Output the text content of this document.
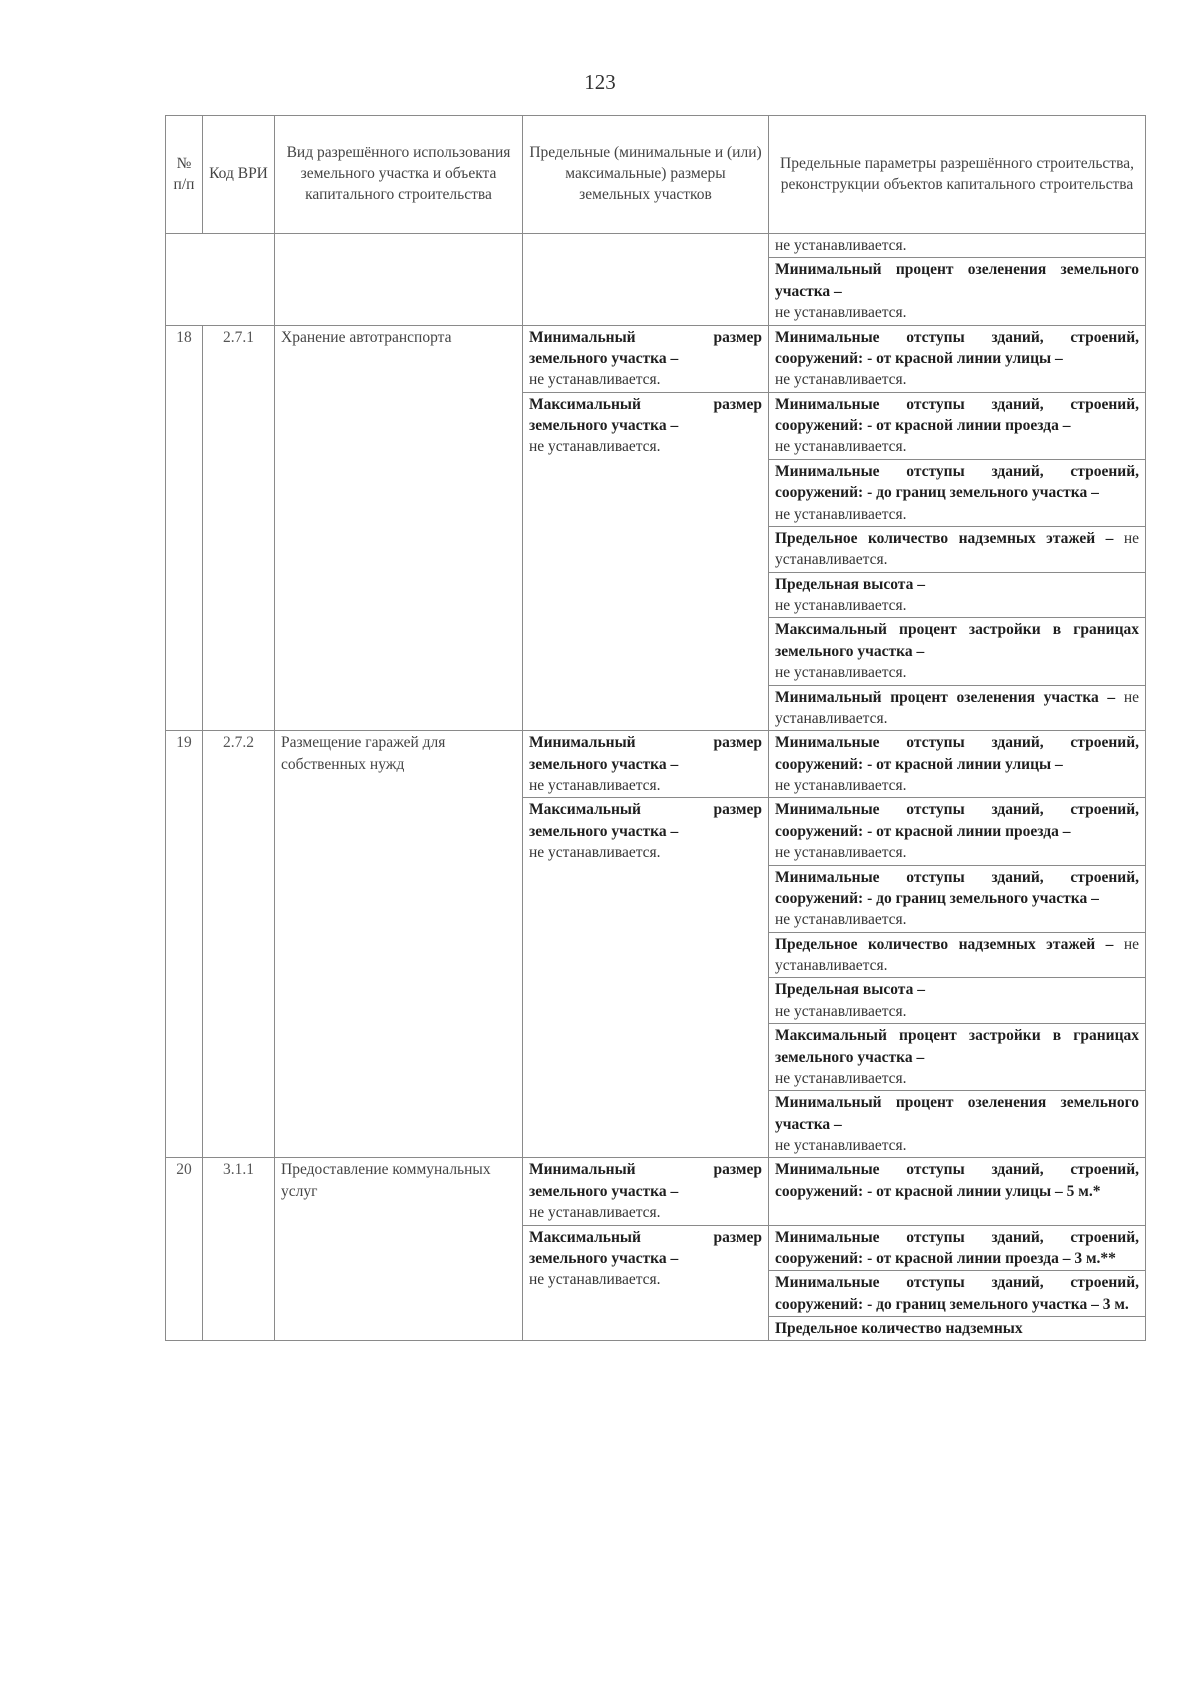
123
№ п/п	Код ВРИ	Вид разрешённого использования земельного участка и объекта капитального строительства	Предельные (минимальные и (или) максимальные) размеры земельных участков	Предельные параметры разрешённого строительства, реконструкции объектов капитального строительства
				не устанавливается.
				Минимальный процент озеленения земельного участка –
не устанавливается.
18	2.7.1	Хранение автотранспорта	Минимальный размер земельного участка –
не устанавливается.	Минимальные отступы зданий, строений, сооружений: - от красной линии улицы –
не устанавливается.
			Максимальный размер земельного участка –
не устанавливается.	Минимальные отступы зданий, строений, сооружений: - от красной линии проезда –
не устанавливается.
				Минимальные отступы зданий, строений, сооружений: - до границ земельного участка –
не устанавливается.
				Предельное количество надземных этажей – не устанавливается.
				Предельная высота –
не устанавливается.
				Максимальный процент застройки в границах земельного участка –
не устанавливается.
				Минимальный процент озеленения участка – не устанавливается.
19	2.7.2	Размещение гаражей для собственных нужд	Минимальный размер земельного участка –
не устанавливается.	Минимальные отступы зданий, строений, сооружений: - от красной линии улицы –
не устанавливается.
			Максимальный размер земельного участка –
не устанавливается.	Минимальные отступы зданий, строений, сооружений: - от красной линии проезда –
не устанавливается.
				Минимальные отступы зданий, строений, сооружений: - до границ земельного участка –
не устанавливается.
				Предельное количество надземных этажей – не устанавливается.
				Предельная высота –
не устанавливается.
				Максимальный процент застройки в границах земельного участка –
не устанавливается.
				Минимальный процент озеленения земельного участка –
не устанавливается.
20	3.1.1	Предоставление коммунальных услуг	Минимальный размер земельного участка –
не устанавливается.	Минимальные отступы зданий, строений, сооружений: - от красной линии улицы – 5 м.*
			Максимальный размер земельного участка –
не устанавливается.	Минимальные отступы зданий, строений, сооружений: - от красной линии проезда – 3 м.**
				Минимальные отступы зданий, строений, сооружений: - до границ земельного участка – 3 м.
				Предельное количество надземных
